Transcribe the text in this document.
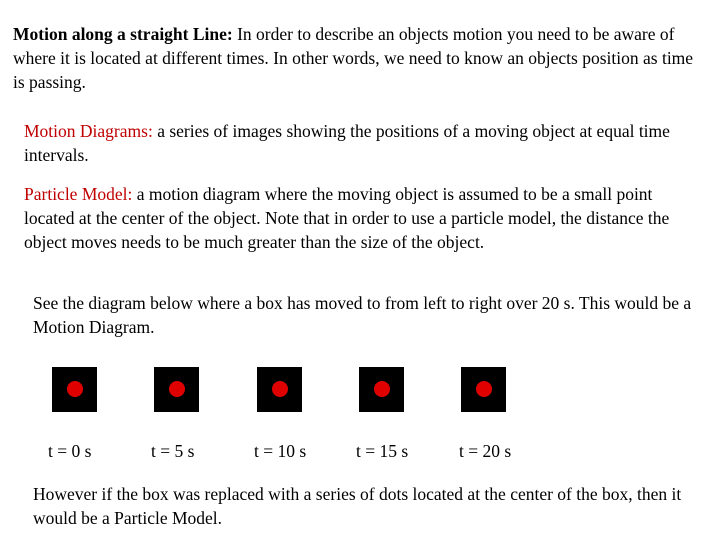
Motion along a straight Line: In order to describe an objects motion you need to be aware of where it is located at different times. In other words, we need to know an objects position as time is passing.

Motion Diagrams: a series of images showing the positions of a moving object at equal time intervals.

Particle Model: a motion diagram where the moving object is assumed to be a small point located at the center of the object. Note that in order to use a particle model, the distance the object moves needs to be much greater than the size of the object.

See the diagram below where a box has moved to from left to right over 20 s. This would be a Motion Diagram.

t = 0 s	t = 5 s	t = 10 s	t = 15 s	t = 20 s

However if the box was replaced with a series of dots located at the center of the box, then it would be a Particle Model.
